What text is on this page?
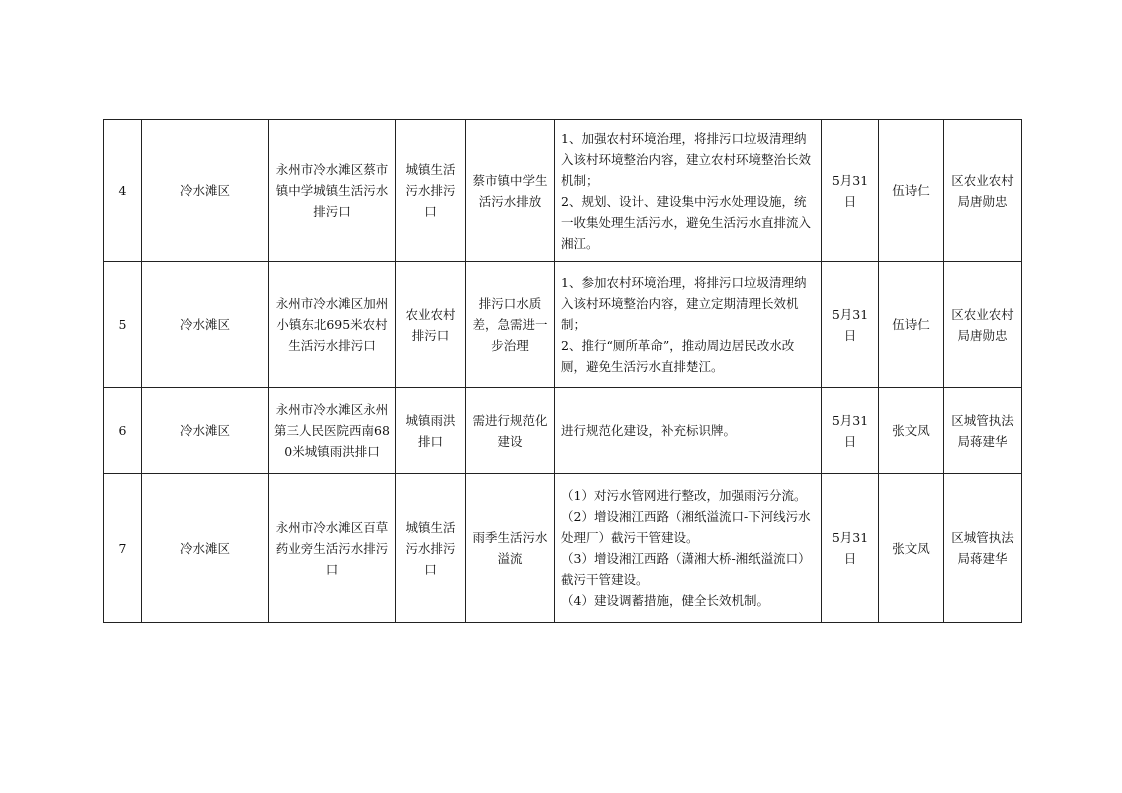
4	冷水滩区	永州市冷水滩区蔡市镇中学城镇生活污水排污口	城镇生活污水排污口	蔡市镇中学生活污水排放	1、加强农村环境治理，将排污口垃圾清理纳入该村环境整治内容，建立农村环境整治长效机制；
2、规划、设计、建设集中污水处理设施，统一收集处理生活污水，避免生活污水直排流入湘江。	5月31日	伍诗仁	区农业农村局唐勋忠
5	冷水滩区	永州市冷水滩区加州小镇东北695米农村生活污水排污口	农业农村排污口	排污口水质差，急需进一步治理	1、参加农村环境治理，将排污口垃圾清理纳入该村环境整治内容，建立定期清理长效机制；
2、推行“厕所革命”，推动周边居民改水改厕，避免生活污水直排楚江。	5月31日	伍诗仁	区农业农村局唐勋忠
6	冷水滩区	永州市冷水滩区永州第三人民医院西南680米城镇雨洪排口	城镇雨洪排口	需进行规范化建设	进行规范化建设，补充标识牌。	5月31日	张文凤	区城管执法局蒋建华
7	冷水滩区	永州市冷水滩区百草药业旁生活污水排污口	城镇生活污水排污口	雨季生活污水溢流	（1）对污水管网进行整改，加强雨污分流。
（2）增设湘江西路（湘纸溢流口-下河线污水处理厂）截污干管建设。
（3）增设湘江西路（潇湘大桥-湘纸溢流口）截污干管建设。
（4）建设调蓄措施，健全长效机制。	5月31日	张文凤	区城管执法局蒋建华
